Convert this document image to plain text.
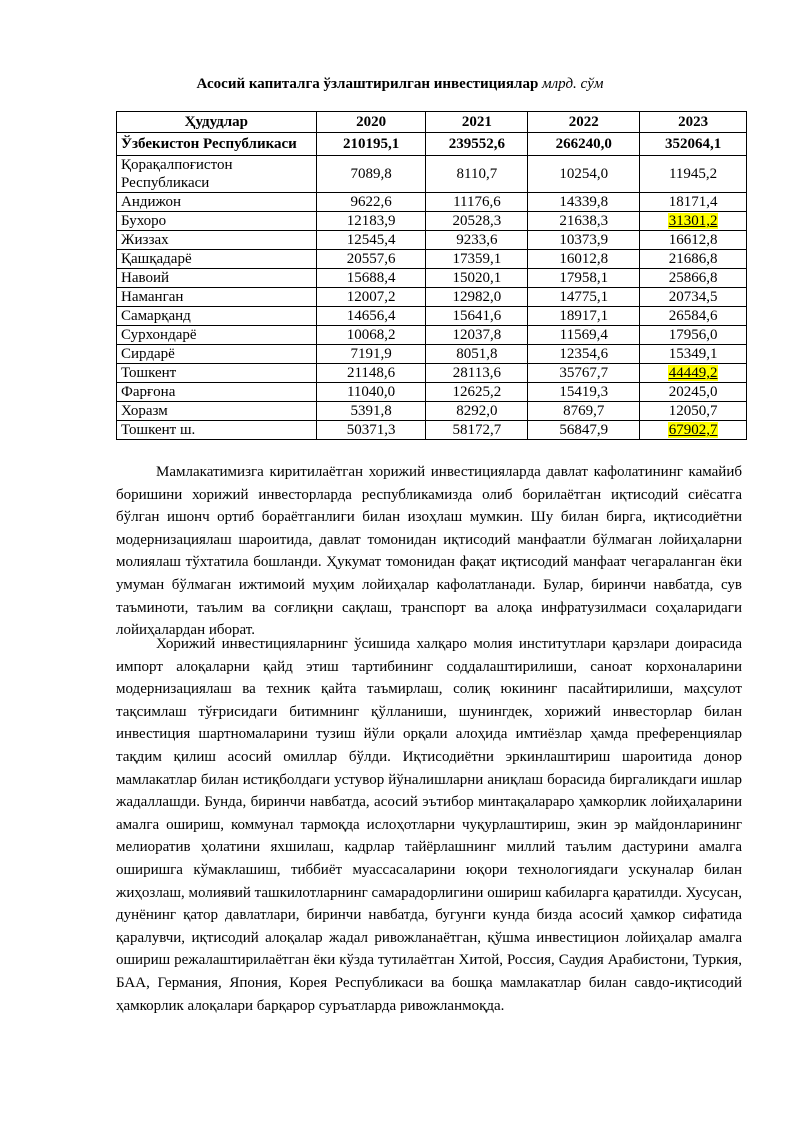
Асосий капиталга ўзлаштирилган инвестициялар млрд. сўм
Ҳудудлар	2020	2021	2022	2023
Ўзбекистон Республикаси	210195,1	239552,6	266240,0	352064,1
Қорақалпоғистон Республикаси	7089,8	8110,7	10254,0	11945,2
Андижон	9622,6	11176,6	14339,8	18171,4
Бухоро	12183,9	20528,3	21638,3	31301,2
Жиззах	12545,4	9233,6	10373,9	16612,8
Қашқадарё	20557,6	17359,1	16012,8	21686,8
Навоий	15688,4	15020,1	17958,1	25866,8
Наманган	12007,2	12982,0	14775,1	20734,5
Самарқанд	14656,4	15641,6	18917,1	26584,6
Сурхондарё	10068,2	12037,8	11569,4	17956,0
Сирдарё	7191,9	8051,8	12354,6	15349,1
Тошкент	21148,6	28113,6	35767,7	44449,2
Фарғона	11040,0	12625,2	15419,3	20245,0
Хоразм	5391,8	8292,0	8769,7	12050,7
Тошкент ш.	50371,3	58172,7	56847,9	67902,7

Мамлакатимизга киритилаётган хорижий инвестицияларда давлат кафолатининг камайиб боришини хорижий инвесторларда республикамизда олиб борилаётган иқтисодий сиёсатга бўлган ишонч ортиб бораётганлиги билан изоҳлаш мумкин. Шу билан бирга, иқтисодиётни модернизациялаш шароитида, давлат томонидан иқтисодий манфаатли бўлмаган лойиҳаларни молиялаш тўхтатила бошланди. Ҳукумат томонидан фақат иқтисодий манфаат чегараланган ёки умуман бўлмаган ижтимоий муҳим лойиҳалар кафолатланади. Булар, биринчи навбатда, сув таъминоти, таълим ва соғлиқни сақлаш, транспорт ва алоқа инфратузилмаси соҳаларидаги лойиҳалардан иборат.

Хорижий инвестицияларнинг ўсишида халқаро молия институтлари қарзлари доирасида импорт алоқаларни қайд этиш тартибининг соддалаштирилиши, саноат корхоналарини модернизациялаш ва техник қайта таъмирлаш, солиқ юкининг пасайтирилиши, маҳсулот тақсимлаш тўғрисидаги битимнинг қўлланиши, шунингдек, хорижий инвесторлар билан инвестиция шартномаларини тузиш йўли орқали алоҳида имтиёзлар ҳамда преференциялар тақдим қилиш асосий омиллар бўлди. Иқтисодиётни эркинлаштириш шароитида донор мамлакатлар билан истиқболдаги устувор йўналишларни аниқлаш борасида биргаликдаги ишлар жадаллашди. Бунда, биринчи навбатда, асосий эътибор минтақалараро ҳамкорлик лойиҳаларини амалга ошириш, коммунал тармоқда ислоҳотларни чуқурлаштириш, экин эр майдонларининг мелиоратив ҳолатини яхшилаш, кадрлар тайёрлашнинг миллий таълим дастурини амалга оширишга кўмаклашиш, тиббиёт муассасаларини юқори технологиядаги ускуналар билан жиҳозлаш, молиявий ташкилотларнинг самарадорлигини ошириш кабиларга қаратилди. Хусусан, дунёнинг қатор давлатлари, биринчи навбатда, бугунги кунда бизда асосий ҳамкор сифатида қаралувчи, иқтисодий алоқалар жадал ривожланаётган, қўшма инвестицион лойиҳалар амалга ошириш режалаштирилаётган ёки кўзда тутилаётган Хитой, Россия, Саудия Арабистони, Туркия, БАА, Германия, Япония, Корея Республикаси ва бошқа мамлакатлар билан савдо-иқтисодий ҳамкорлик алоқалари барқарор суръатларда ривожланмоқда.
